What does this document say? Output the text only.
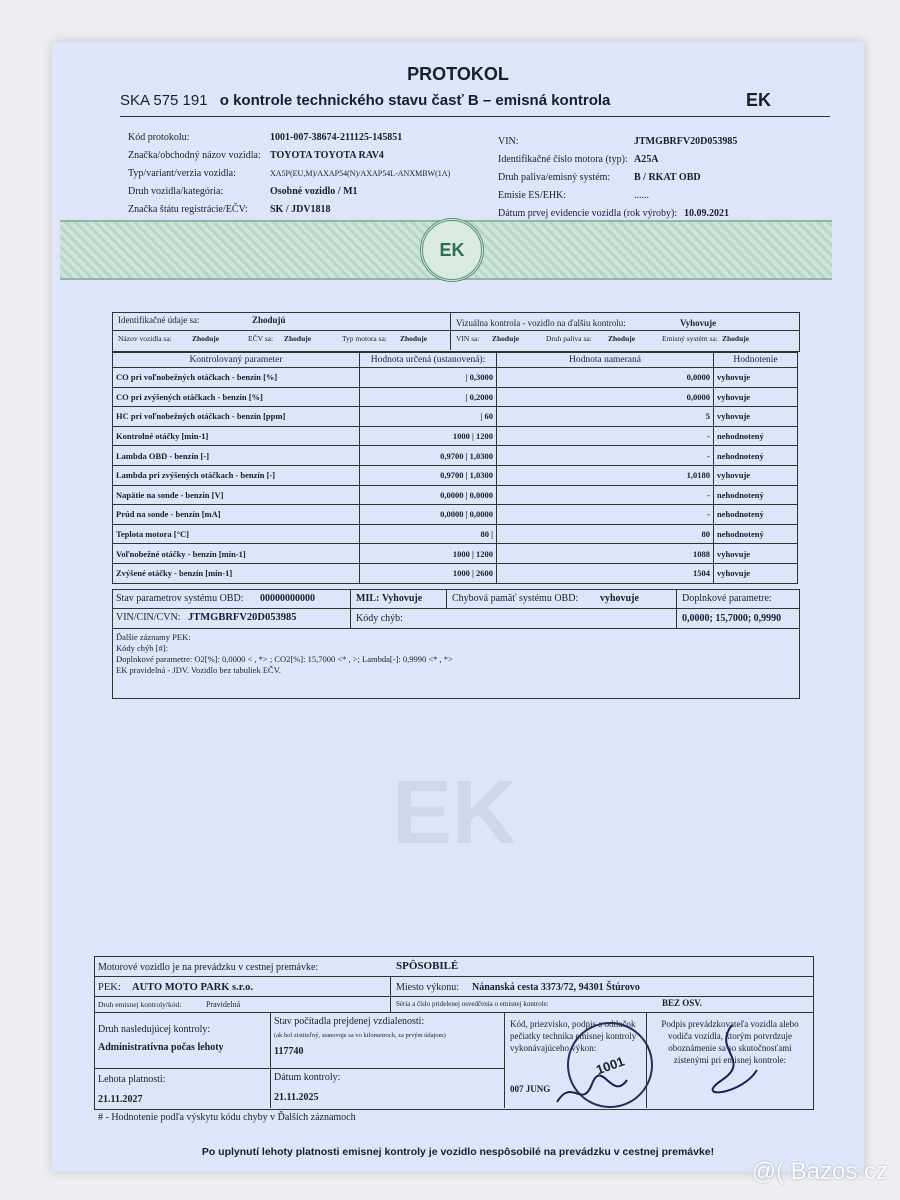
PROTOKOL
SKA 575 191 o kontrole technického stavu časť B – emisná kontrola	EK
Kód protokolu:	1001-007-38674-211125-145851
Značka/obchodný názov vozidla: TOYOTA TOYOTA RAV4
Typ/variant/verzia vozidla:	XA5P(EU,M)/AXAP54(N)/AXAP54L-ANXMBW(1A)
Druh vozidla/kategória:	Osobné vozidlo / M1
Značka štátu registrácie/EČV: SK / JDV1818
VIN:	JTMGBRFV20D053985
Identifikačné číslo motora (typ): A25A
Druh paliva/emisný systém: B / RKAT OBD
Emisie ES/EHK:	......
Dátum prvej evidencie vozidla (rok výroby): 10.09.2021
EK
Identifikačné údaje sa:	Zhodujú	Vizuálna kontrola - vozidlo na ďalšiu kontrolu:	Vyhovuje
Názov vozidla sa:	Zhoduje	EČV sa: Zhoduje	Typ motora sa: Zhoduje	VIN sa: Zhoduje	Druh paliva sa: Zhoduje	Emisný systém sa: Zhoduje
EK
Kontrolovaný parameter	Hodnota určená (ustanovená):	Hodnota nameraná	Hodnotenie
CO pri voľnobežných otáčkach - benzín [%]	| 0,3000	0,0000	vyhovuje
CO pri zvýšených otáčkach - benzín [%]	| 0,2000	0,0000	vyhovuje
HC pri voľnobežných otáčkach - benzín [ppm]	| 60	5	vyhovuje
Kontrolné otáčky [min-1]	1000 | 1200	-	nehodnotený
Lambda OBD - benzín [-]	0,9700 | 1,0300	-	nehodnotený
Lambda pri zvýšených otáčkach - benzín [-]	0,9700 | 1,0300	1,0180	vyhovuje
Napätie na sonde - benzín [V]	0,0000 | 0,0000	-	nehodnotený
Prúd na sonde - benzín [mA]	0,0000 | 0,0000	-	nehodnotený
Teplota motora [°C]	80 |	80	nehodnotený
Voľnobežné otáčky - benzín [min-1]	1000 | 1200	1088	vyhovuje
Zvýšené otáčky - benzín [min-1]	1000 | 2600	1504	vyhovuje
Stav parametrov systému OBD: 00000000000	MIL: Vyhovuje	Chybová pamäť systému OBD: vyhovuje	Doplnkové parametre:
0,0000; 15,7000; 0,9990
VIN/CIN/CVN: JTMGBRFV20D053985	Kódy chýb:
Ďalšie záznamy PEK:
Kódy chýb [#]:
Doplnkové parametre: O2[%]: 0,0000 < , *> ; CO2[%]: 15,7000 <* , >; Lambda[-]: 0,9990 <* , *>
EK pravidelná - JDV. Vozidlo bez tabuliek EČV.
Motorové vozidlo je na prevádzku v cestnej premávke:	SPÔSOBILÉ
PEK: AUTO MOTO PARK s.r.o.	Miesto výkonu: Nánanská cesta 3373/72, 94301 Štúrovo
Druh emisnej kontroly/kód:	Pravidelná	Séria a číslo pridelenej osvedčenia o emisnej kontrole:	BEZ OSV.
Druh nasledujúcej kontroly:
Administratívna počas lehoty
Stav počítadla prejdenej vzdialenosti:
(ak bol zistiteľný, stanovuje sa vo kilometroch, za prvým údajom)
117740
Kód, priezvisko, podpis a odtlačok pečiatky technika emisnej kontroly vykonávajúceho výkon:
007 JUNG
Podpis prevádzkovateľa vozidla alebo vodiča vozidla, ktorým potvrdzuje oboznámenie sa so skutočnosťami zistenými pri emisnej kontrole:
Lehota platnosti:
21.11.2027
Dátum kontroly:
21.11.2025
1001
# - Hodnotenie podľa výskytu kódu chyby v Ďalších záznamoch
Po uplynutí lehoty platnosti emisnej kontroly je vozidlo nespôsobilé na prevádzku v cestnej premávke!
@( Bazos.cz
